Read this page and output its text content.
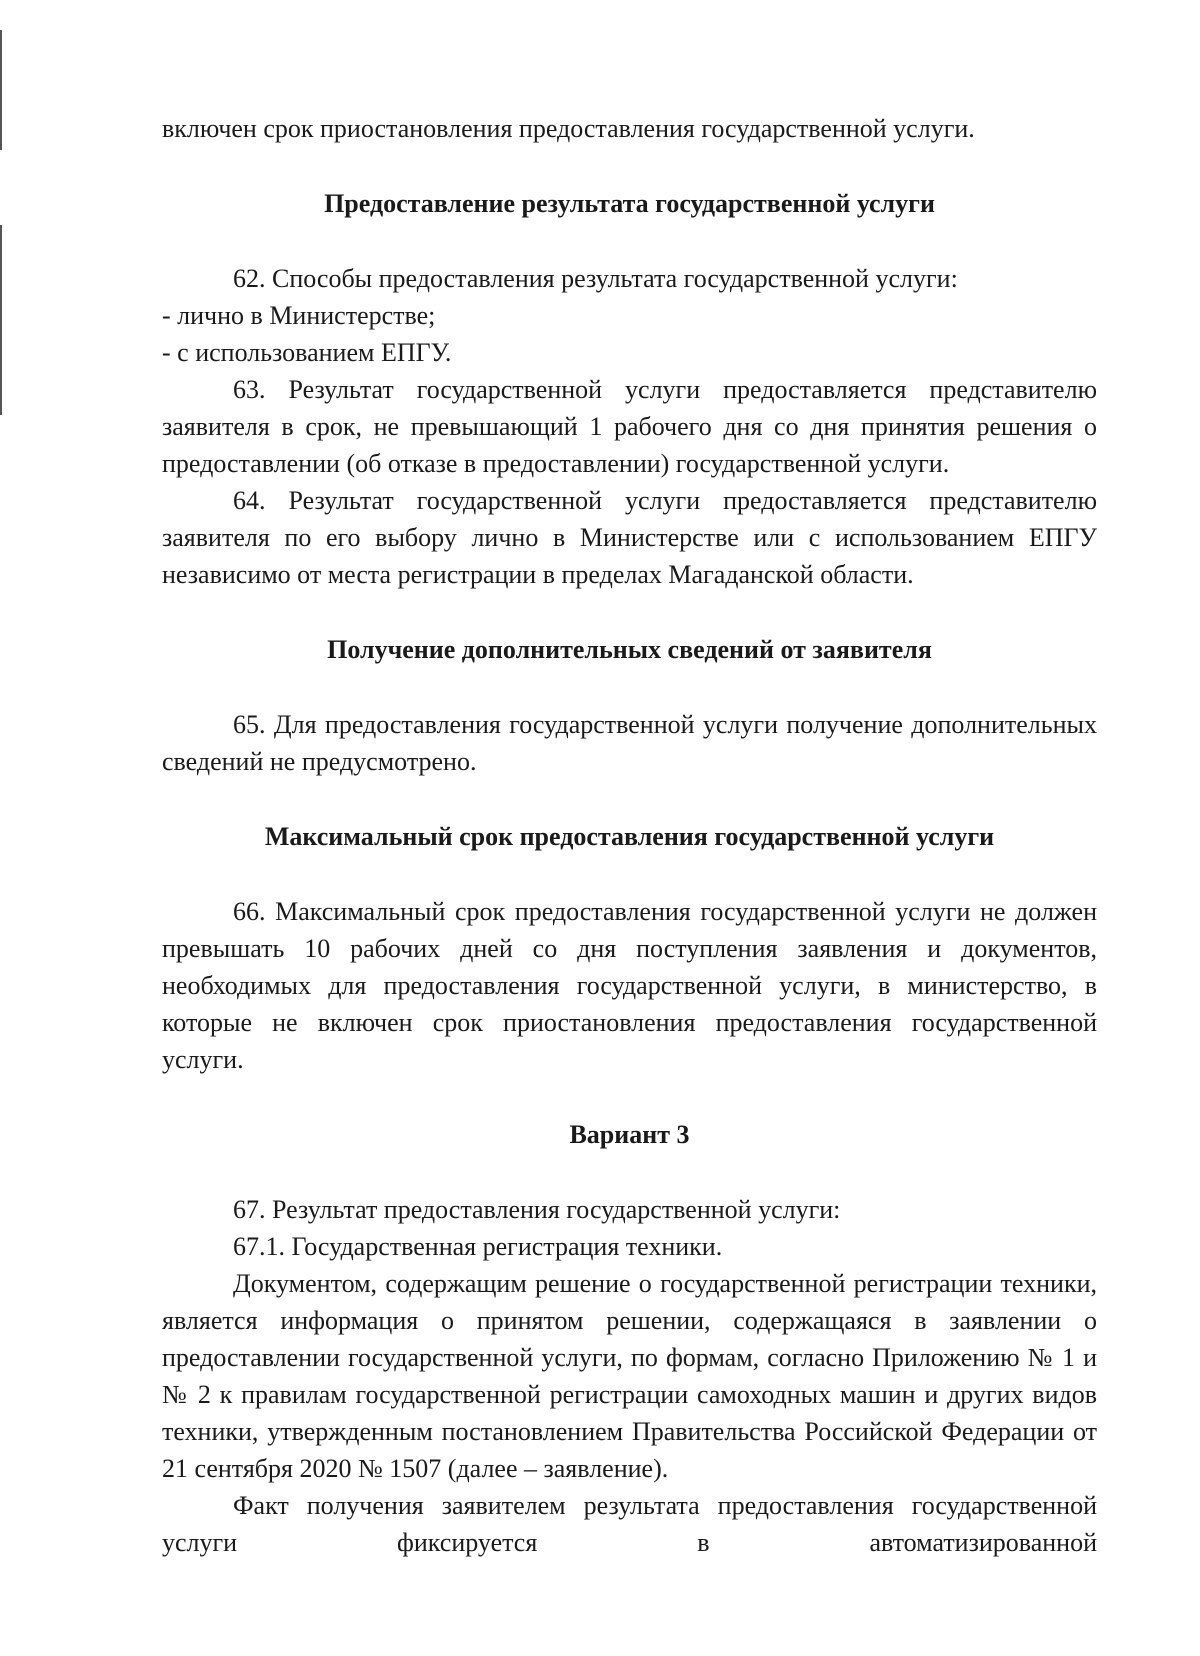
включен срок приостановления предоставления государственной услуги.

Предоставление результата государственной услуги

62. Способы предоставления результата государственной услуги:

- лично в Министерстве;

- с использованием ЕПГУ.

63. Результат государственной услуги предоставляется представителю заявителя в срок, не превышающий 1 рабочего дня со дня принятия решения о предоставлении (об отказе в предоставлении) государственной услуги.

64. Результат государственной услуги предоставляется представителю заявителя по его выбору лично в Министерстве или с использованием ЕПГУ независимо от места регистрации в пределах Магаданской области.

Получение дополнительных сведений от заявителя

65. Для предоставления государственной услуги получение дополнительных сведений не предусмотрено.

Максимальный срок предоставления государственной услуги

66. Максимальный срок предоставления государственной услуги не должен превышать 10 рабочих дней со дня поступления заявления и документов, необходимых для предоставления государственной услуги, в министерство, в которые не включен срок приостановления предоставления государственной услуги.

Вариант 3

67. Результат предоставления государственной услуги:

67.1. Государственная регистрация техники.

Документом, содержащим решение о государственной регистрации техники, является информация о принятом решении, содержащаяся в заявлении о предоставлении государственной услуги, по формам, согласно Приложению № 1 и № 2 к правилам государственной регистрации самоходных машин и других видов техники, утвержденным постановлением Правительства Российской Федерации от 21 сентября 2020 № 1507 (далее – заявление).

Факт получения заявителем результата предоставления государственной услуги фиксируется в автоматизированной
